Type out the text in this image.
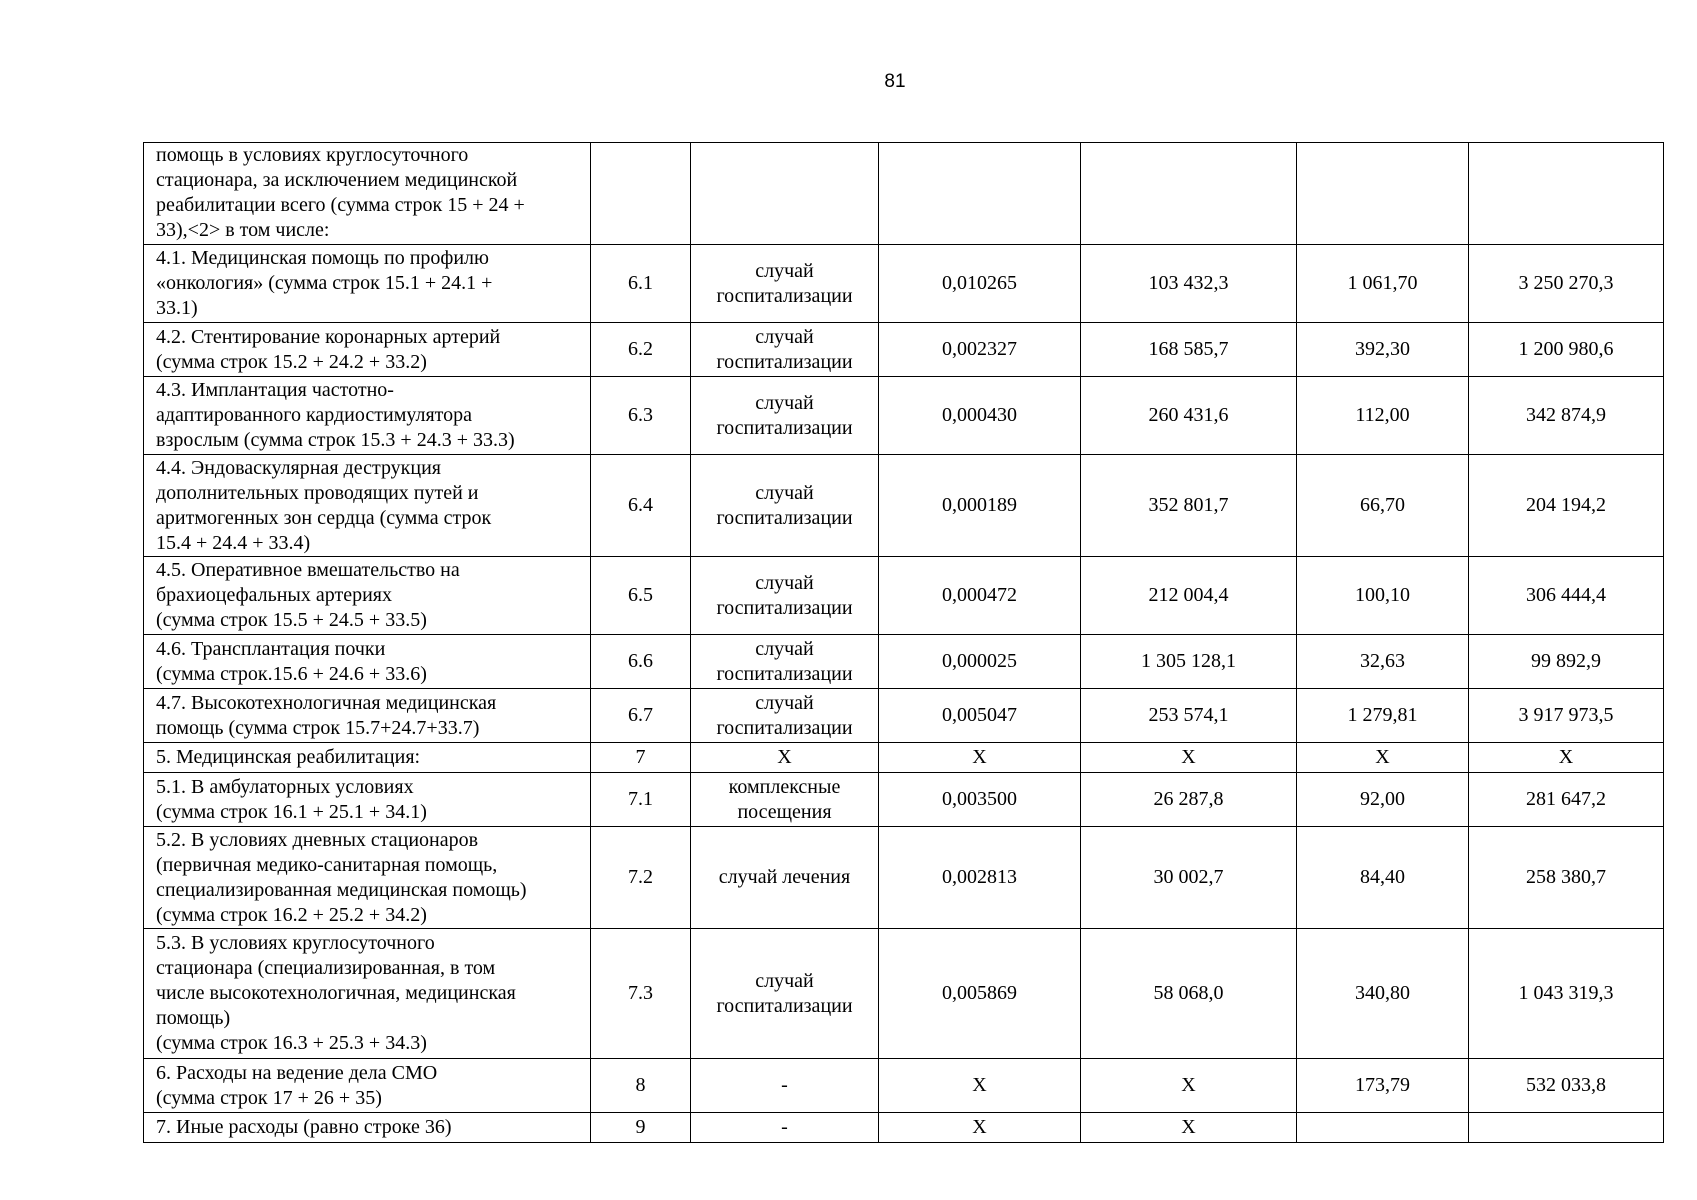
81
помощь в условиях круглосуточного
стационара, за исключением медицинской
реабилитации всего (сумма строк 15 + 24 +
33),<2> в том числе:						

4.1. Медицинская помощь по профилю
«онкология» (сумма строк 15.1 + 24.1 +
33.1)	6.1	случай
госпитализации	0,010265	103 432,3	1 061,70	3 250 270,3

4.2. Стентирование коронарных артерий
(сумма строк 15.2 + 24.2 + 33.2)	6.2	случай
госпитализации	0,002327	168 585,7	392,30	1 200 980,6

4.3. Имплантация частотно-
адаптированного кардиостимулятора
взрослым (сумма строк 15.3 + 24.3 + 33.3)	6.3	случай
госпитализации	0,000430	260 431,6	112,00	342 874,9

4.4. Эндоваскулярная деструкция
дополнительных проводящих путей и
аритмогенных зон сердца (сумма строк
15.4 + 24.4 + 33.4)	6.4	случай
госпитализации	0,000189	352 801,7	66,70	204 194,2

4.5. Оперативное вмешательство на
брахиоцефальных артериях
(сумма строк 15.5 + 24.5 + 33.5)	6.5	случай
госпитализации	0,000472	212 004,4	100,10	306 444,4

4.6. Трансплантация почки
(сумма строк.15.6 + 24.6 + 33.6)	6.6	случай
госпитализации	0,000025	1 305 128,1	32,63	99 892,9

4.7. Высокотехнологичная медицинская
помощь (сумма строк 15.7+24.7+33.7)	6.7	случай
госпитализации	0,005047	253 574,1	1 279,81	3 917 973,5

5. Медицинская реабилитация:	7	Х	Х	Х	Х	Х

5.1. В амбулаторных условиях
(сумма строк 16.1 + 25.1 + 34.1)	7.1	комплексные
посещения	0,003500	26 287,8	92,00	281 647,2

5.2. В условиях дневных стационаров
(первичная медико-санитарная помощь,
специализированная медицинская помощь)
(сумма строк 16.2 + 25.2 + 34.2)	7.2	случай лечения	0,002813	30 002,7	84,40	258 380,7

5.3. В условиях круглосуточного
стационара (специализированная, в том
числе высокотехнологичная, медицинская
помощь)
(сумма строк 16.3 + 25.3 + 34.3)	7.3	случай
госпитализации	0,005869	58 068,0	340,80	1 043 319,3

6. Расходы на ведение дела СМО
(сумма строк 17 + 26 + 35)	8	-	Х	Х	173,79	532 033,8

7. Иные расходы (равно строке 36)	9	-	Х	Х		
